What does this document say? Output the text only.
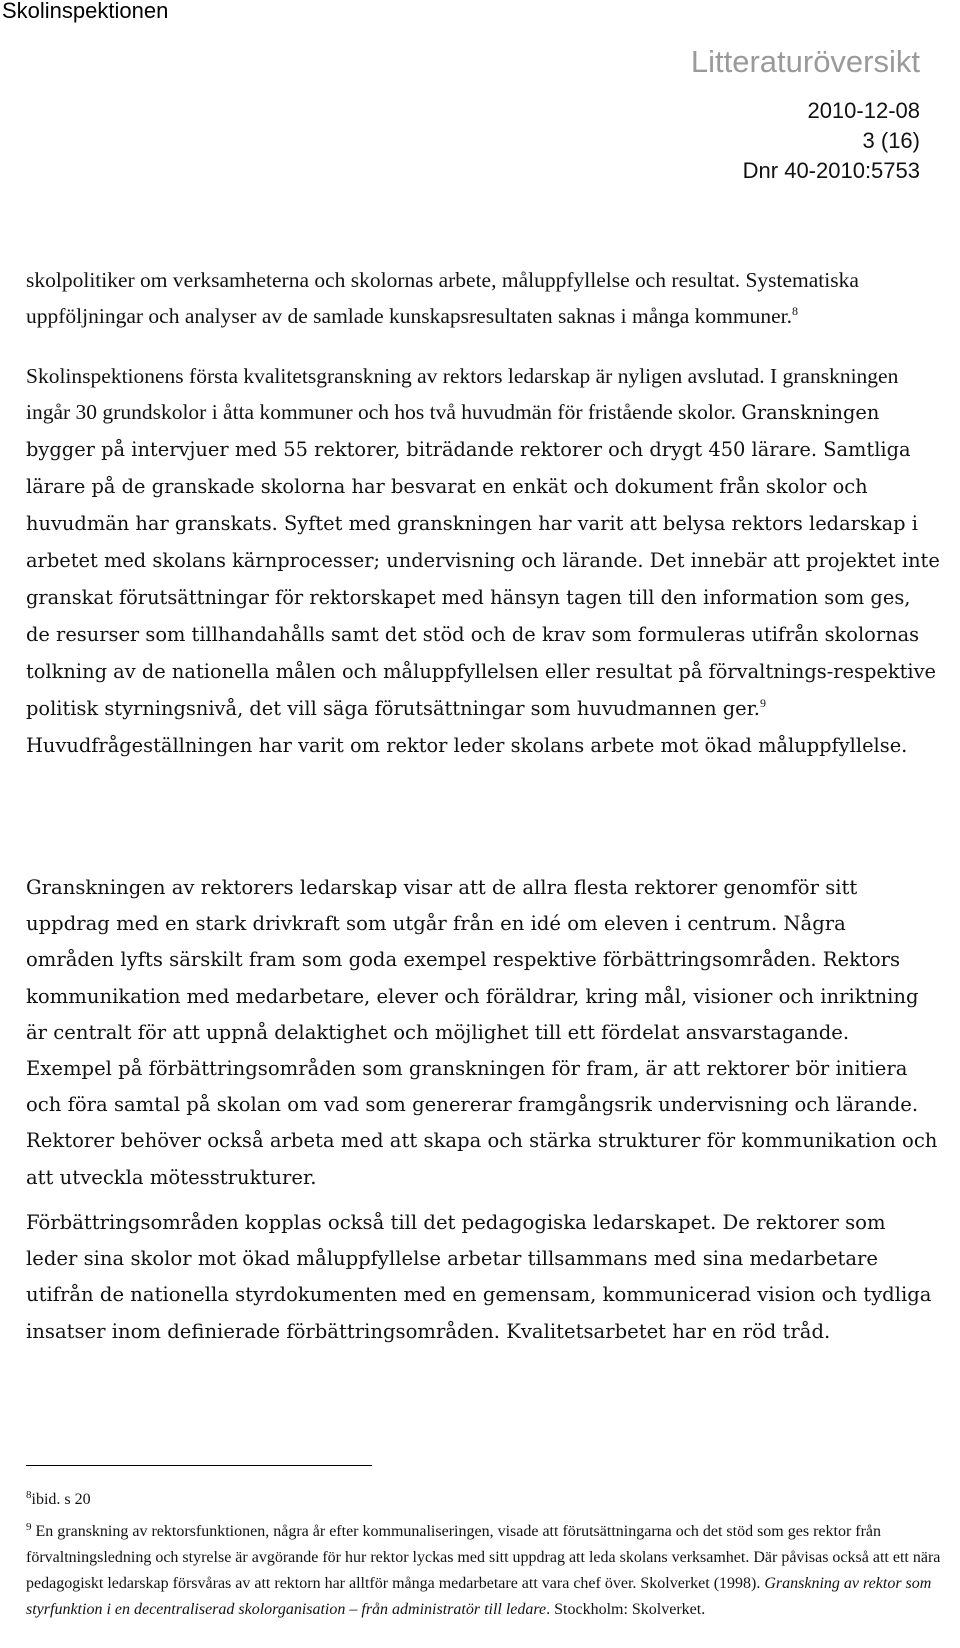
Skolinspektionen
Litteraturöversikt
2010-12-08
3 (16)
Dnr 40-2010:5753

skolpolitiker om verksamheterna och skolornas arbete, måluppfyllelse och resultat. Systematiska uppföljningar och analyser av de samlade kunskapsresultaten saknas i många kommuner.$^8$

Skolinspektionens första kvalitetsgranskning av rektors ledarskap är nyligen avslutad. I granskningen ingår 30 grundskolor i åtta kommuner och hos två huvudmän för fristående skolor. Granskningen bygger på intervjuer med 55 rektorer, biträdande rektorer och drygt 450 lärare. Samtliga lärare på de granskade skolorna har besvarat en enkät och dokument från skolor och huvudmän har granskats. Syftet med granskningen har varit att belysa rektors ledarskap i arbetet med skolans kärnprocesser; undervisning och lärande. Det innebär att projektet inte granskat förutsättningar för rektorskapet med hänsyn tagen till den information som ges, de resurser som tillhandahålls samt det stöd och de krav som formuleras utifrån skolornas tolkning av de nationella målen och måluppfyllelsen eller resultat på förvaltnings-respektive politisk styrningsnivå, det vill säga förutsättningar som huvudmannen ger.$^9$ Huvudfrågeställningen har varit om rektor leder skolans arbete mot ökad måluppfyllelse.

Granskningen av rektorers ledarskap visar att de allra flesta rektorer genomför sitt uppdrag med en stark drivkraft som utgår från en idé om eleven i centrum. Några områden lyfts särskilt fram som goda exempel respektive förbättringsområden. Rektors kommunikation med medarbetare, elever och föräldrar, kring mål, visioner och inriktning är centralt för att uppnå delaktighet och möjlighet till ett fördelat ansvarstagande. Exempel på förbättringsområden som granskningen för fram, är att rektorer bör initiera och föra samtal på skolan om vad som genererar framgångsrik undervisning och lärande. Rektorer behöver också arbeta med att skapa och stärka strukturer för kommunikation och att utveckla mötesstrukturer.

Förbättringsområden kopplas också till det pedagogiska ledarskapet. De rektorer som leder sina skolor mot ökad måluppfyllelse arbetar tillsammans med sina medarbetare utifrån de nationella styrdokumenten med en gemensam, kommunicerad vision och tydliga insatser inom definierade förbättringsområden. Kvalitetsarbetet har en röd tråd.

$^8$ibid. s 20

$^9$ En granskning av rektorsfunktionen, några år efter kommunaliseringen, visade att förutsättningarna och det stöd som ges rektor från förvaltningsledning och styrelse är avgörande för hur rektor lyckas med sitt uppdrag att leda skolans verksamhet. Där påvisas också att ett nära pedagogiskt ledarskap försvåras av att rektorn har alltför många medarbetare att vara chef över. Skolverket (1998). Granskning av rektor som styrfunktion i en decentraliserad skolorganisation – från administratör till ledare. Stockholm: Skolverket.
